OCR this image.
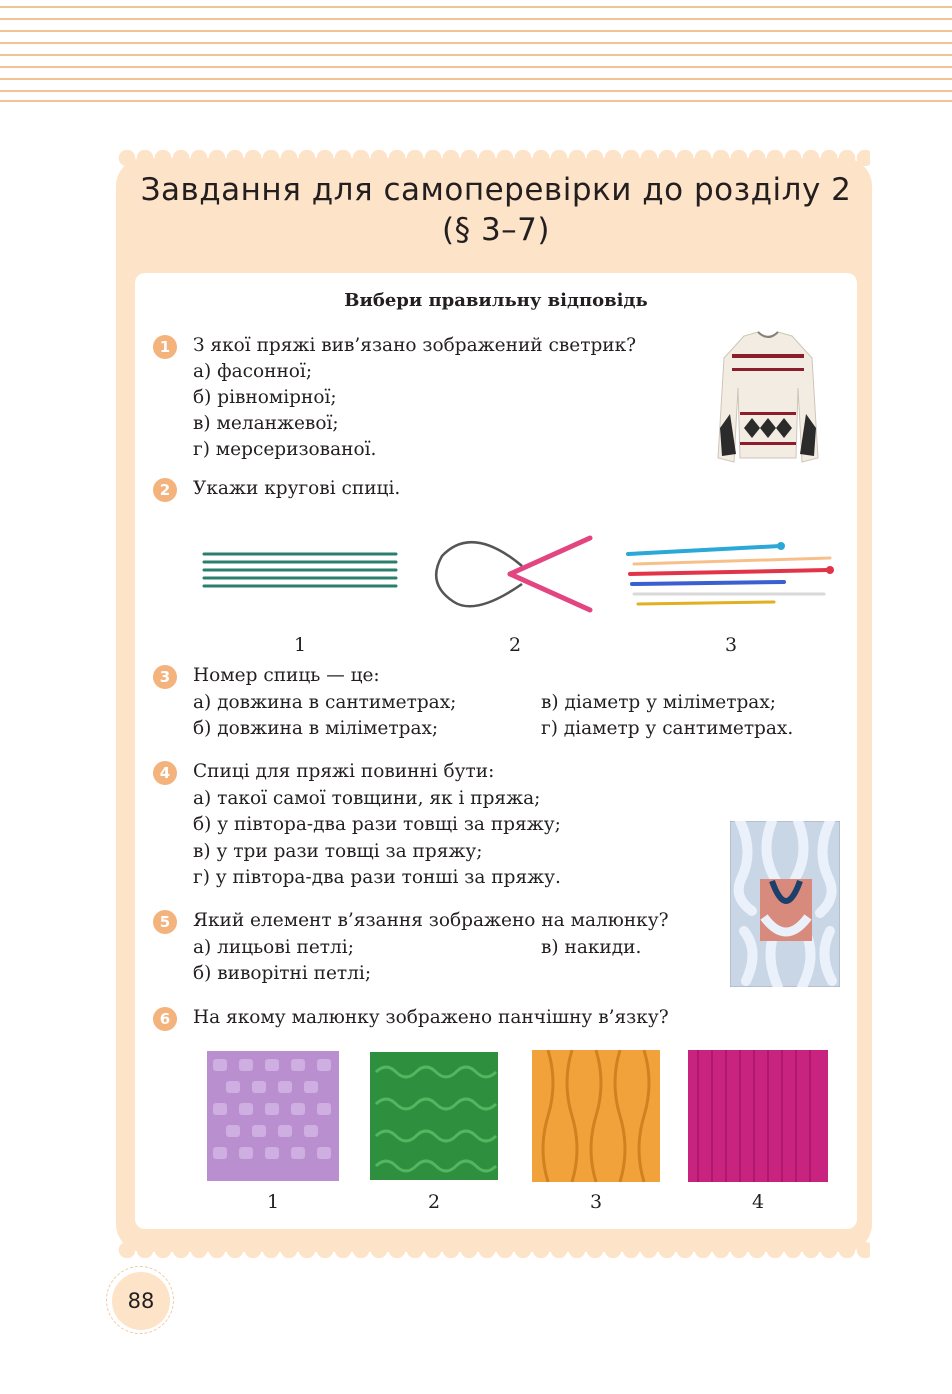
Завдання для самоперевірки до розділу 2
(§ 3–7)
Вибери правильну відповідь
1	З якої пряжі вив’язано зображений светрик?
а) фасонної;
б) рівномірної;
в) меланжевої;
г) мерсеризованої.
2	Укажи кругові спиці.
1	2	3
3	Номер спиць — це:
а) довжина в сантиметрах;
б) довжина в міліметрах;
в) діаметр у міліметрах;
г) діаметр у сантиметрах.
4	Спиці для пряжі повинні бути:
а) такої самої товщини, як і пряжа;
б) у півтора-два рази товщі за пряжу;
в) у три рази товщі за пряжу;
г) у півтора-два рази тонші за пряжу.
5	Який елемент в’язання зображено на малюнку?
а) лицьові петлі;
б) виворітні петлі;
в) накиди.
6	На якому малюнку зображено панчішну в’язку?
1	2	3	4
88
